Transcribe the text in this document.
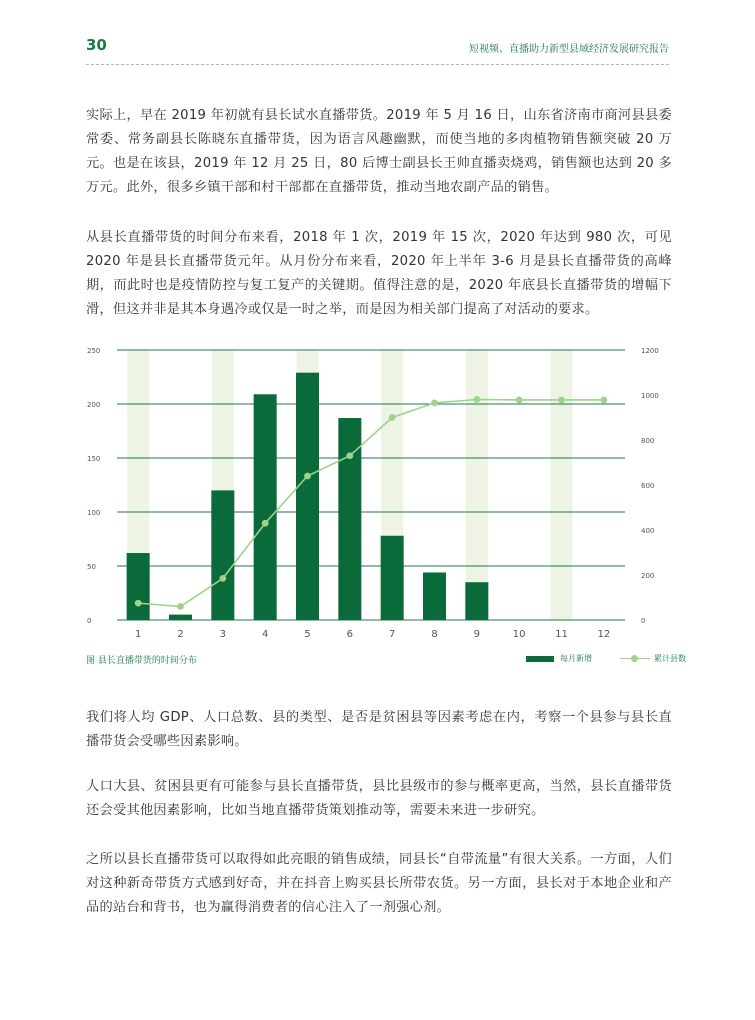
30	短视频、直播助力新型县域经济发展研究报告

实际上，早在 2019 年初就有县长试水直播带货。2019 年 5 月 16 日，山东省济南市商河县县委常委、常务副县长陈晓东直播带货，因为语言风趣幽默，而使当地的多肉植物销售额突破 20 万元。也是在该县，2019 年 12 月 25 日，80 后博士副县长王帅直播卖烧鸡，销售额也达到 20 多万元。此外，很多乡镇干部和村干部都在直播带货，推动当地农副产品的销售。

从县长直播带货的时间分布来看，2018 年 1 次，2019 年 15 次，2020 年达到 980 次，可见 2020 年是县长直播带货元年。从月份分布来看，2020 年上半年 3-6 月是县长直播带货的高峰期，而此时也是疫情防控与复工复产的关键期。值得注意的是，2020 年底县长直播带货的增幅下滑，但这并非是其本身遇冷或仅是一时之举，而是因为相关部门提高了对活动的要求。

0
50
100
150
200
250
0
200
400
600
800
1000
1200
1	2	3	4	5	6	7	8	9	10	11	12
图 县长直播带货的时间分布	每月新增	累计县数

我们将人均 GDP、人口总数、县的类型、是否是贫困县等因素考虑在内，考察一个县参与县长直播带货会受哪些因素影响。

人口大县、贫困县更有可能参与县长直播带货，县比县级市的参与概率更高，当然，县长直播带货还会受其他因素影响，比如当地直播带货策划推动等，需要未来进一步研究。

之所以县长直播带货可以取得如此亮眼的销售成绩，同县长“自带流量”有很大关系。一方面，人们对这种新奇带货方式感到好奇，并在抖音上购买县长所带农货。另一方面，县长对于本地企业和产品的站台和背书，也为赢得消费者的信心注入了一剂强心剂。
